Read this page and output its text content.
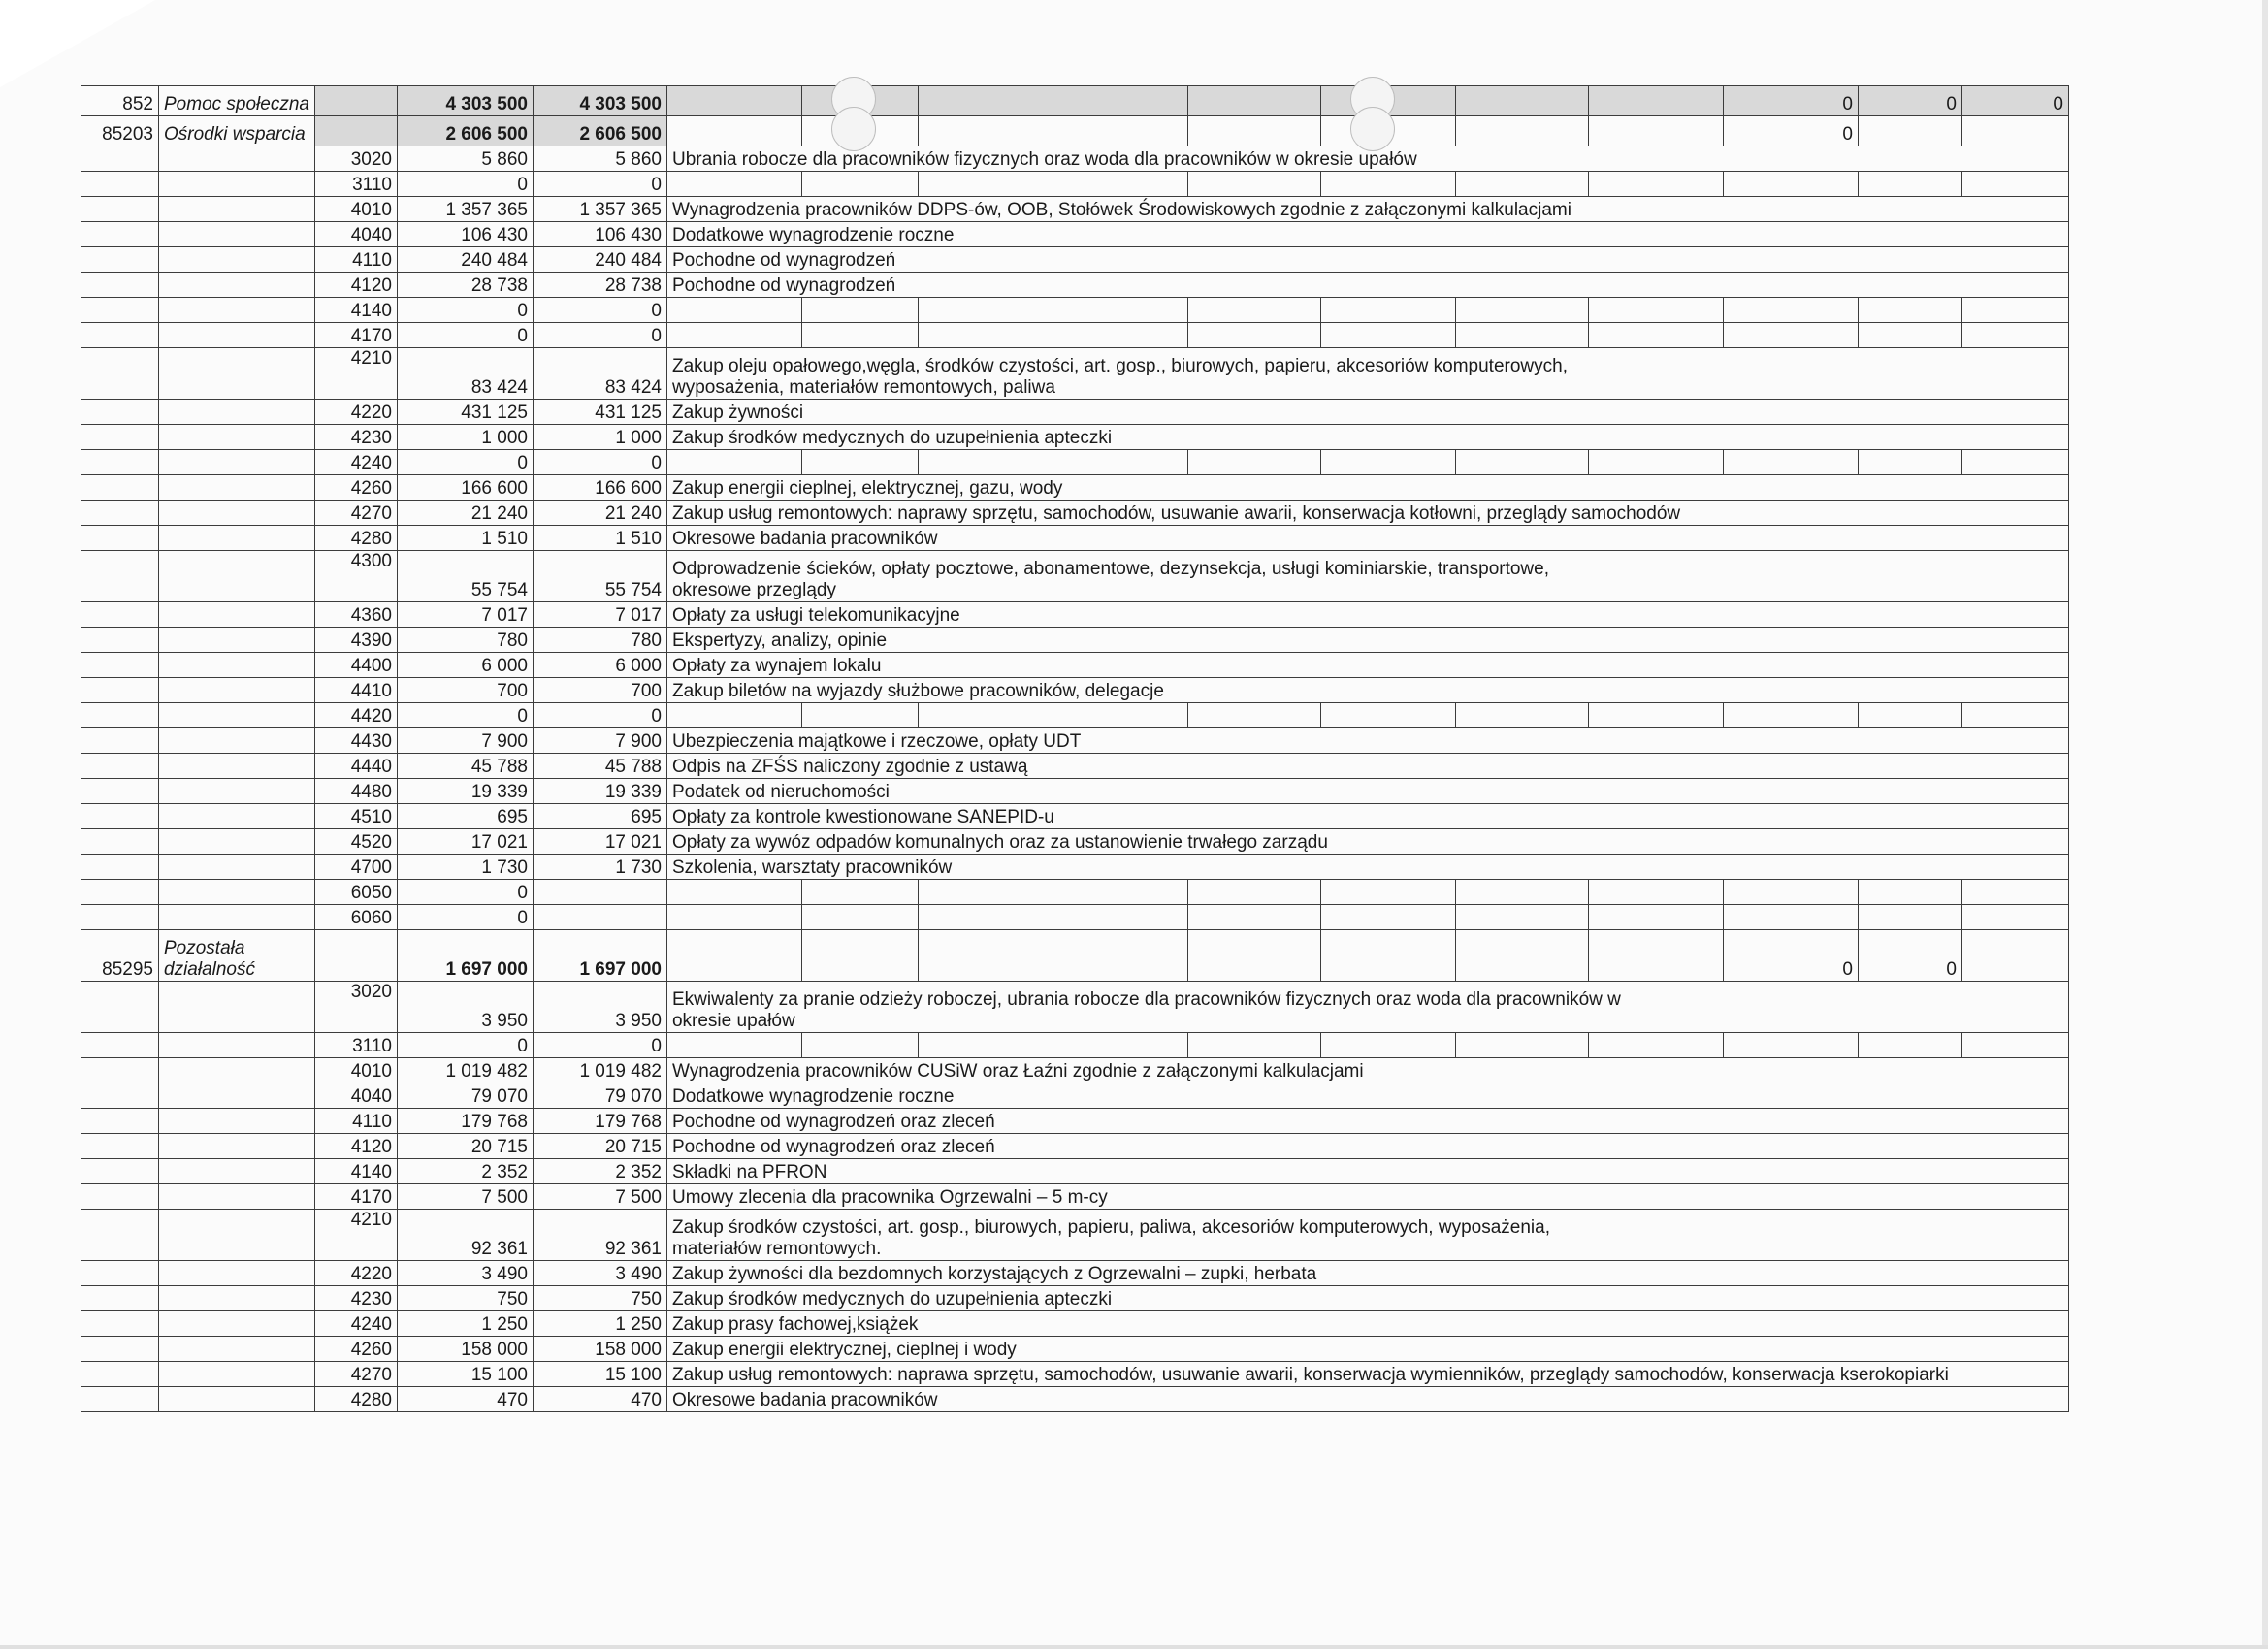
852	Pomoc społeczna		4 303 500	4 303 500									0	0	0
85203	Ośrodki wsparcia		2 606 500	2 606 500									0		
		3020	5 860	5 860	Ubrania robocze dla pracowników fizycznych oraz woda dla pracowników w okresie upałów										
		3110	0	0											
		4010	1 357 365	1 357 365	Wynagrodzenia pracowników DDPS-ów, OOB, Stołówek Środowiskowych zgodnie z załączonymi kalkulacjami										
		4040	106 430	106 430	Dodatkowe wynagrodzenie roczne										
		4110	240 484	240 484	Pochodne od wynagrodzeń										
		4120	28 738	28 738	Pochodne od wynagrodzeń										
		4140	0	0											
		4170	0	0											
		4210	83 424	83 424	Zakup oleju opałowego,węgla, środków czystości, art. gosp., biurowych, papieru, akcesoriów komputerowych,
wyposażenia, materiałów remontowych, paliwa										

		4220	431 125	431 125	Zakup żywności										
		4230	1 000	1 000	Zakup środków medycznych do uzupełnienia apteczki										
		4240	0	0											
		4260	166 600	166 600	Zakup energii cieplnej, elektrycznej, gazu, wody										
		4270	21 240	21 240	Zakup usług remontowych: naprawy sprzętu, samochodów, usuwanie awarii, konserwacja kotłowni, przeglądy samochodów										
		4280	1 510	1 510	Okresowe badania pracowników										
		4300	55 754	55 754	Odprowadzenie ścieków, opłaty pocztowe, abonamentowe, dezynsekcja, usługi kominiarskie, transportowe,
okresowe przeglądy										

		4360	7 017	7 017	Opłaty za usługi telekomunikacyjne										
		4390	780	780	Ekspertyzy, analizy, opinie										
		4400	6 000	6 000	Opłaty za wynajem lokalu										
		4410	700	700	Zakup biletów na wyjazdy służbowe pracowników, delegacje										
		4420	0	0											
		4430	7 900	7 900	Ubezpieczenia majątkowe i rzeczowe, opłaty UDT										
		4440	45 788	45 788	Odpis na ZFŚS naliczony zgodnie z ustawą										
		4480	19 339	19 339	Podatek od nieruchomości										
		4510	695	695	Opłaty za kontrole kwestionowane SANEPID-u										
		4520	17 021	17 021	Opłaty za wywóz odpadów komunalnych oraz za ustanowienie trwałego zarządu										
		4700	1 730	1 730	Szkolenia, warsztaty pracowników										
		6050	0												
		6060	0												
85295	Pozostała
działalność		1 697 000	1 697 000									0	0	
		3020	3 950	3 950	Ekwiwalenty za pranie odzieży roboczej, ubrania robocze dla pracowników fizycznych oraz woda dla pracowników w
okresie upałów										

		3110	0	0											
		4010	1 019 482	1 019 482	Wynagrodzenia pracowników CUSiW oraz Łaźni zgodnie z załączonymi kalkulacjami										
		4040	79 070	79 070	Dodatkowe wynagrodzenie roczne										
		4110	179 768	179 768	Pochodne od wynagrodzeń oraz zleceń										
		4120	20 715	20 715	Pochodne od wynagrodzeń oraz zleceń										
		4140	2 352	2 352	Składki na PFRON										
		4170	7 500	7 500	Umowy zlecenia dla pracownika Ogrzewalni – 5 m-cy										
		4210	92 361	92 361	Zakup środków czystości, art. gosp., biurowych, papieru, paliwa, akcesoriów komputerowych, wyposażenia,
materiałów remontowych.										

		4220	3 490	3 490	Zakup żywności dla bezdomnych korzystających z Ogrzewalni – zupki, herbata										
		4230	750	750	Zakup środków medycznych do uzupełnienia apteczki										
		4240	1 250	1 250	Zakup prasy fachowej,książek										
		4260	158 000	158 000	Zakup energii elektrycznej, cieplnej i wody										
		4270	15 100	15 100	Zakup usług remontowych: naprawa sprzętu, samochodów, usuwanie awarii, konserwacja wymienników, przeglądy samochodów, konserwacja kserokopiarki										
		4280	470	470	Okresowe badania pracowników										
